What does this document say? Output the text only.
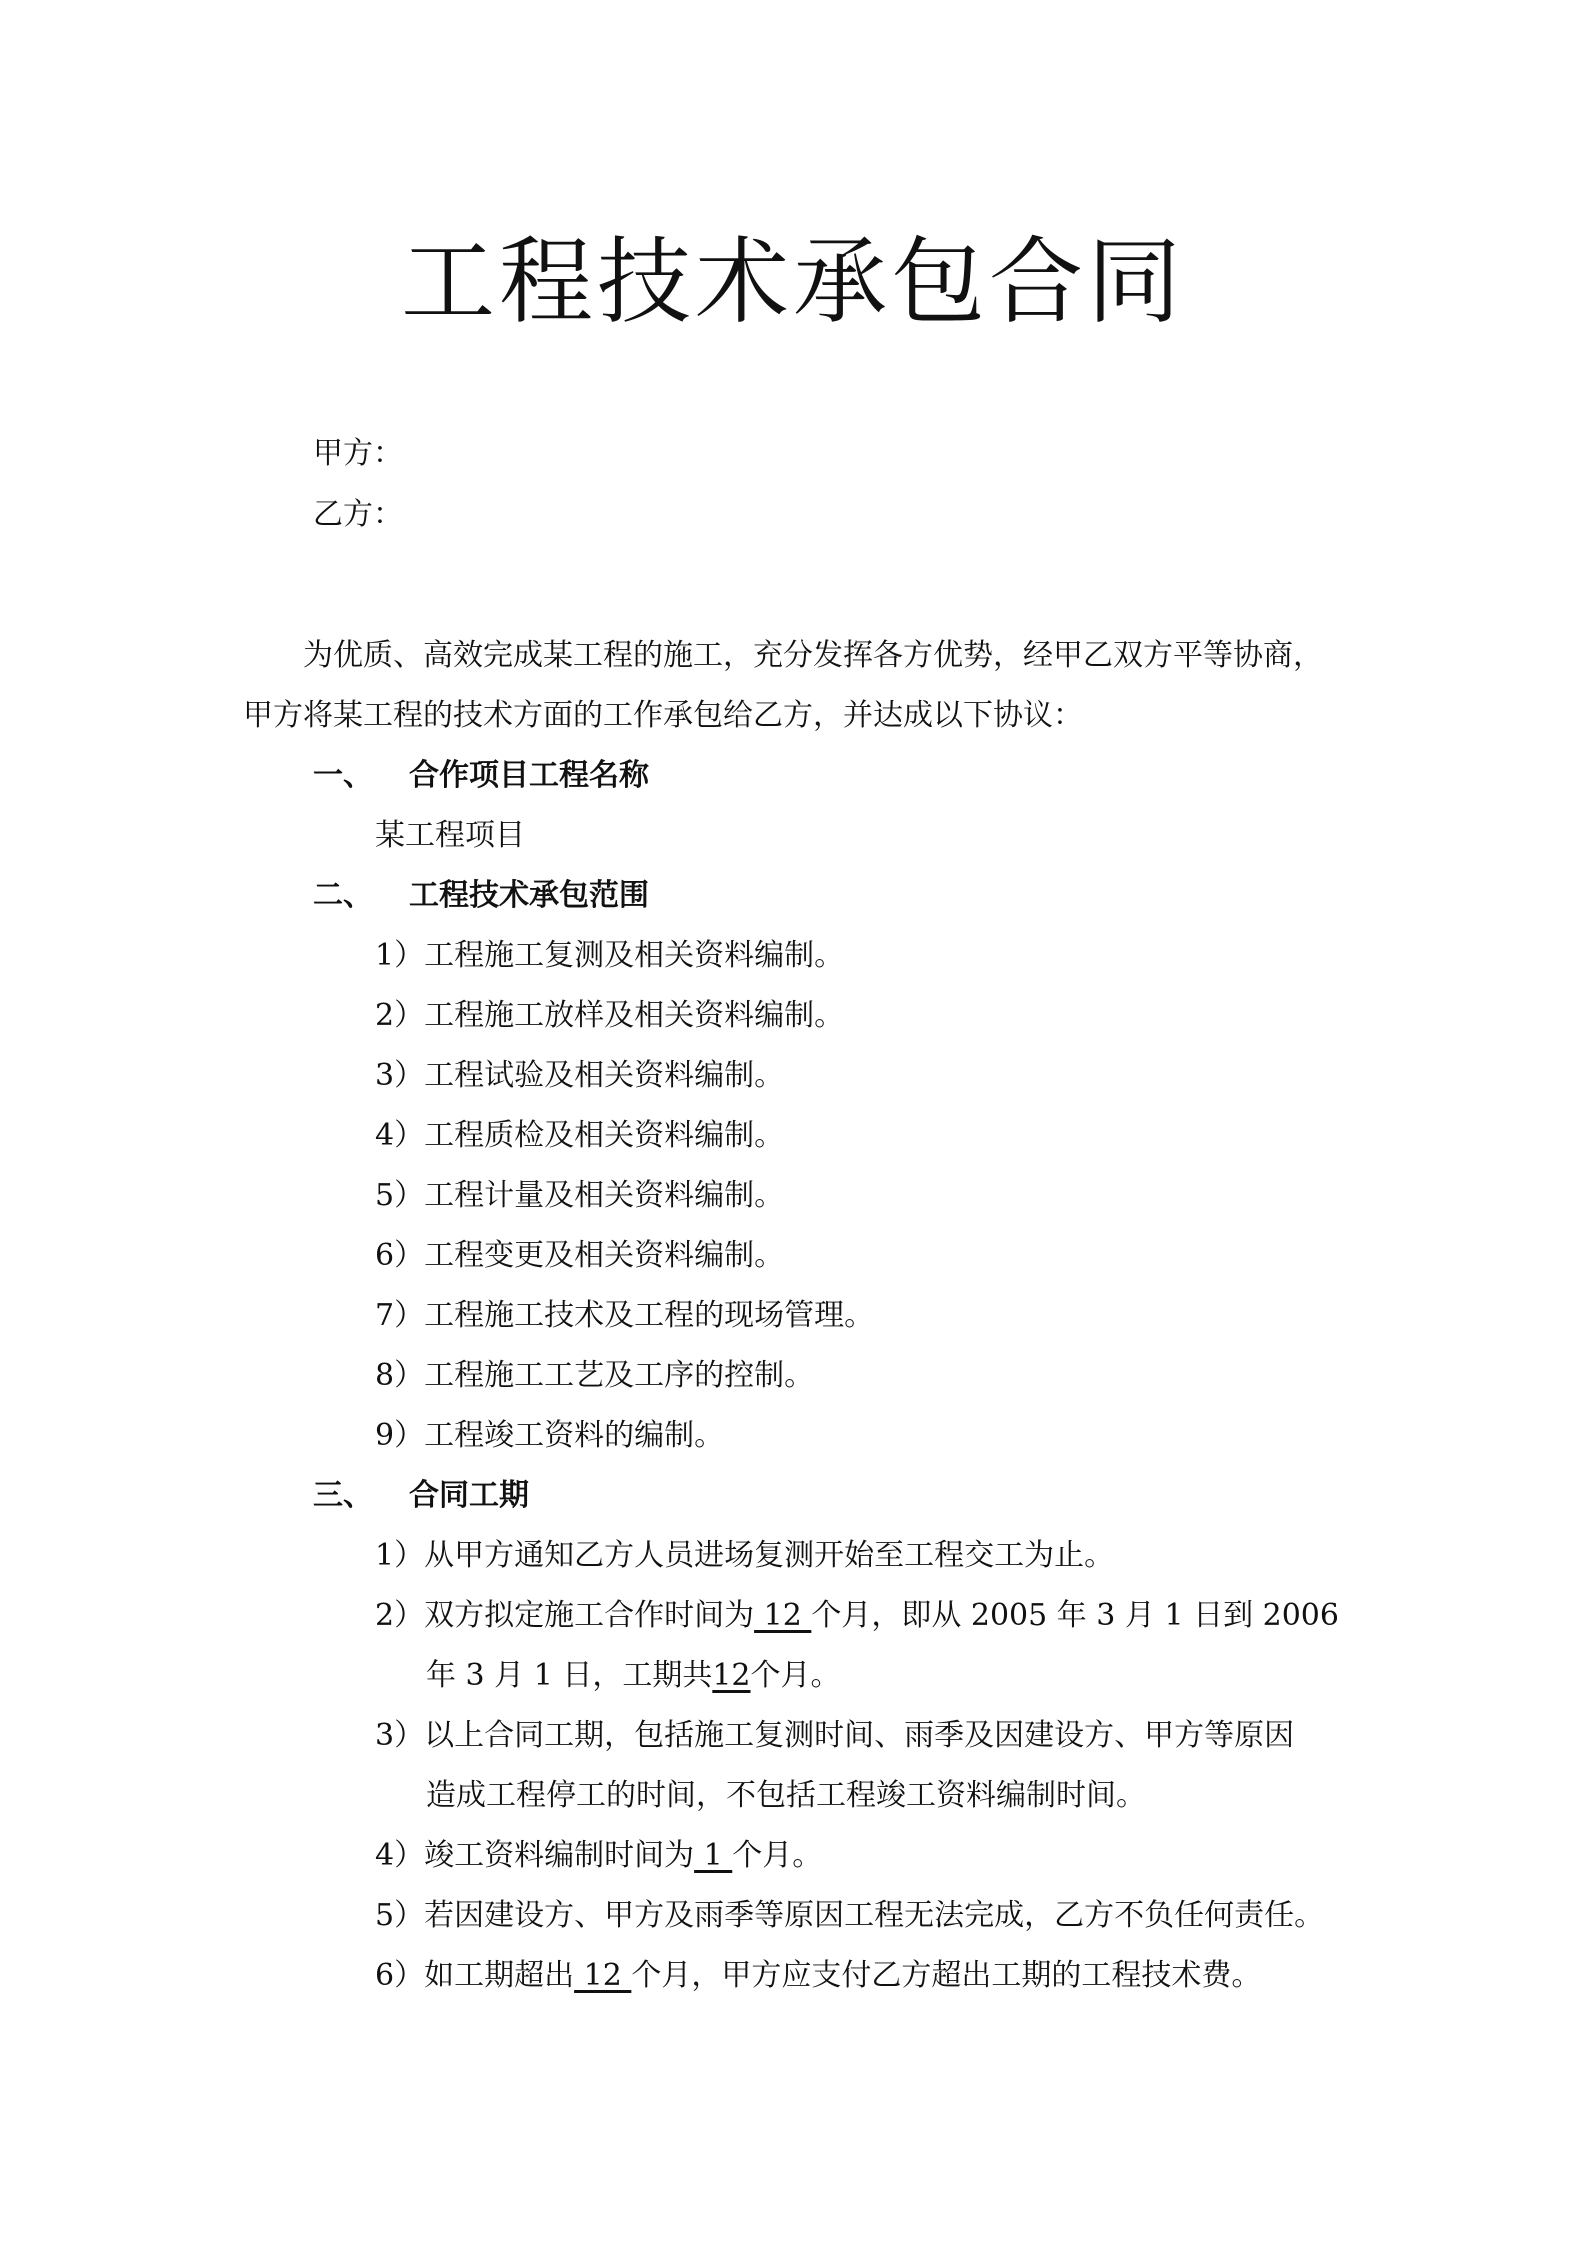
工程技术承包合同

甲方：

乙方：

为优质、高效完成某工程的施工，充分发挥各方优势，经甲乙双方平等协商，

甲方将某工程的技术方面的工作承包给乙方，并达成以下协议：

一、 合作项目工程名称

某工程项目

二、 工程技术承包范围

1）工程施工复测及相关资料编制。

2）工程施工放样及相关资料编制。

3）工程试验及相关资料编制。

4）工程质检及相关资料编制。

5）工程计量及相关资料编制。

6）工程变更及相关资料编制。

7）工程施工技术及工程的现场管理。

8）工程施工工艺及工序的控制。

9）工程竣工资料的编制。

三、 合同工期

1）从甲方通知乙方人员进场复测开始至工程交工为止。

2）双方拟定施工合作时间为 12 个月，即从 2005 年 3 月 1 日到 2006

年 3 月 1 日，工期共12个月。

3）以上合同工期，包括施工复测时间、雨季及因建设方、甲方等原因

造成工程停工的时间，不包括工程竣工资料编制时间。

4）竣工资料编制时间为 1 个月。

5）若因建设方、甲方及雨季等原因工程无法完成，乙方不负任何责任。

6）如工期超出 12 个月，甲方应支付乙方超出工期的工程技术费。
